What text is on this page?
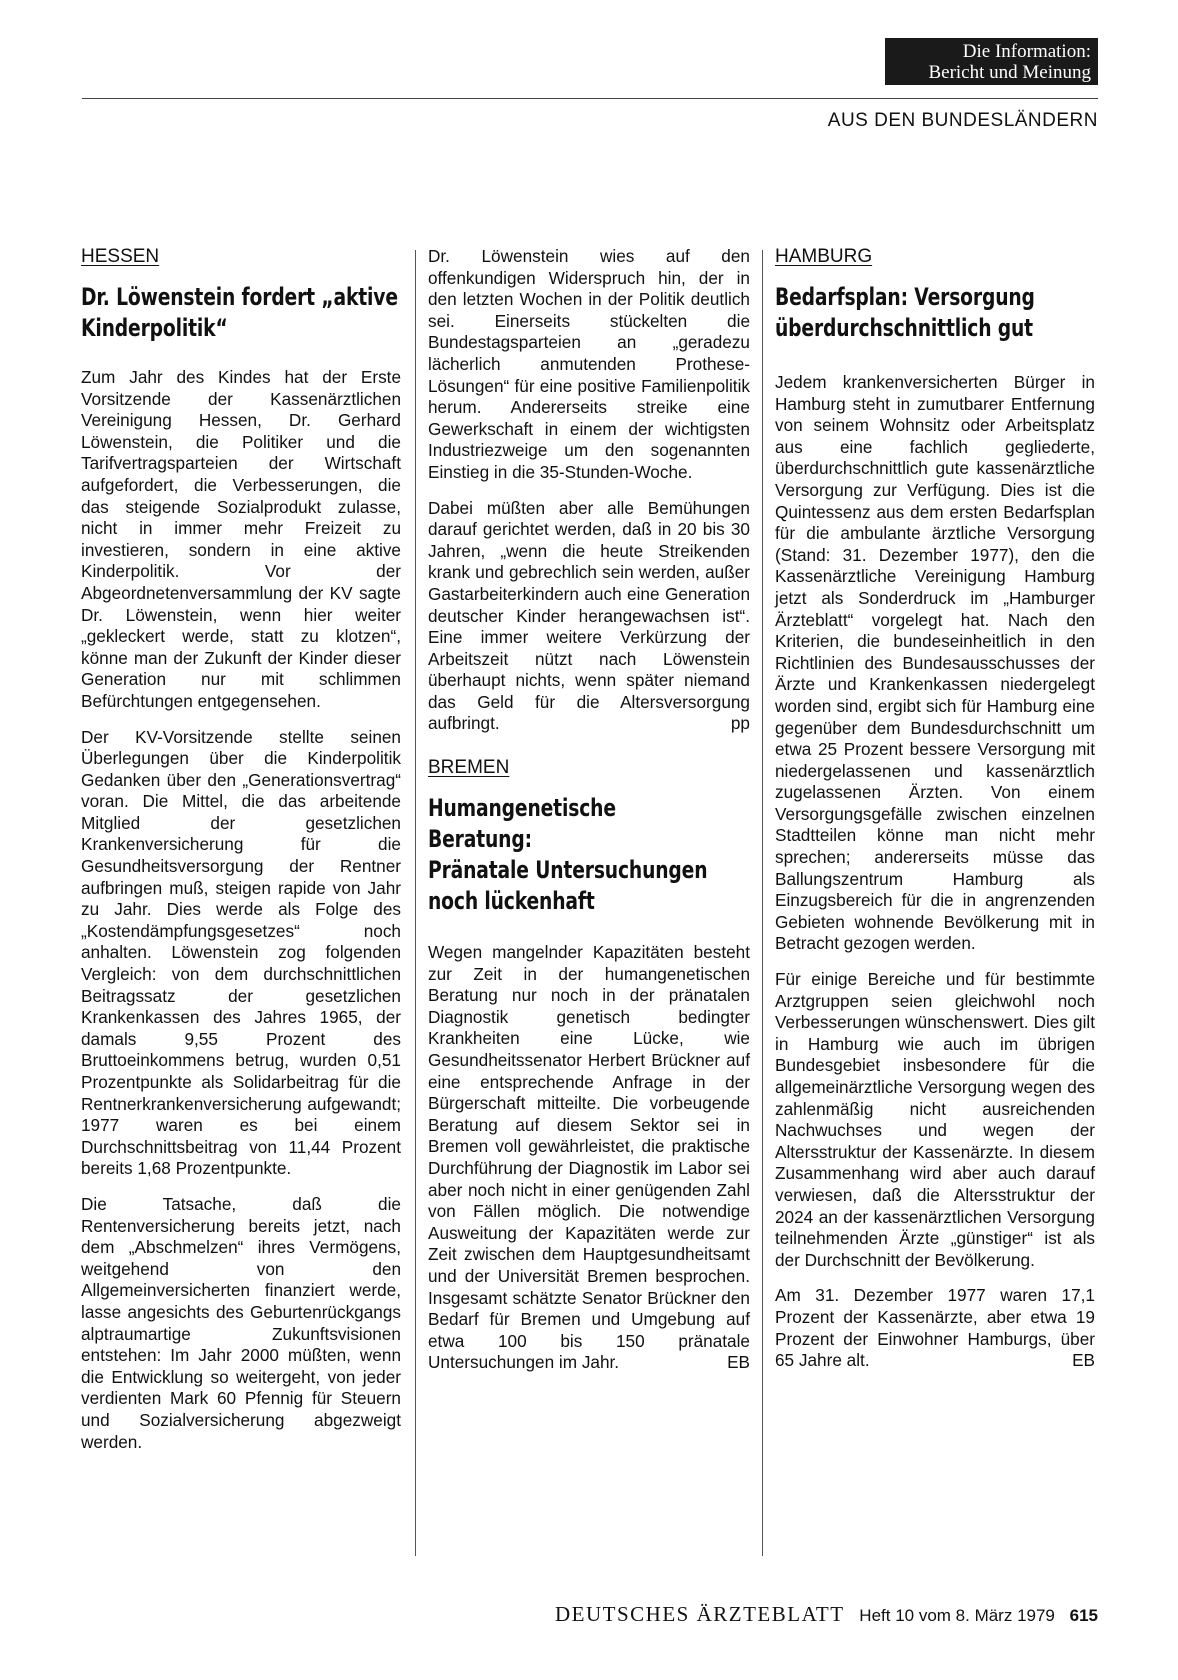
Die Information:
Bericht und Meinung
AUS DEN BUNDESLÄNDERN
HESSEN
Dr. Löwenstein fordert „aktive Kinderpolitik“

Zum Jahr des Kindes hat der Erste Vorsitzende der Kassenärztlichen Vereinigung Hessen, Dr. Gerhard Löwenstein, die Politiker und die Tarifvertragsparteien der Wirtschaft aufgefordert, die Verbesserungen, die das steigende Sozialprodukt zulasse, nicht in immer mehr Freizeit zu investieren, sondern in eine aktive Kinderpolitik. Vor der Abgeordnetenversammlung der KV sagte Dr. Löwenstein, wenn hier weiter „gekleckert werde, statt zu klotzen“, könne man der Zukunft der Kinder dieser Generation nur mit schlimmen Befürchtungen entgegensehen.

Der KV-Vorsitzende stellte seinen Überlegungen über die Kinderpolitik Gedanken über den „Generationsvertrag“ voran. Die Mittel, die das arbeitende Mitglied der gesetzlichen Krankenversicherung für die Gesundheitsversorgung der Rentner aufbringen muß, steigen rapide von Jahr zu Jahr. Dies werde als Folge des „Kostendämpfungsgesetzes“ noch anhalten. Löwenstein zog folgenden Vergleich: von dem durchschnittlichen Beitragssatz der gesetzlichen Krankenkassen des Jahres 1965, der damals 9,55 Prozent des Bruttoeinkommens betrug, wurden 0,51 Prozentpunkte als Solidarbeitrag für die Rentnerkrankenversicherung aufgewandt; 1977 waren es bei einem Durchschnittsbeitrag von 11,44 Prozent bereits 1,68 Prozentpunkte.

Die Tatsache, daß die Rentenversicherung bereits jetzt, nach dem „Abschmelzen“ ihres Vermögens, weitgehend von den Allgemeinversicherten finanziert werde, lasse angesichts des Geburtenrückgangs alptraumartige Zukunftsvisionen entstehen: Im Jahr 2000 müßten, wenn die Entwicklung so weitergeht, von jeder verdienten Mark 60 Pfennig für Steuern und Sozialversicherung abgezweigt werden.

Dr. Löwenstein wies auf den offenkundigen Widerspruch hin, der in den letzten Wochen in der Politik deutlich sei. Einerseits stückelten die Bundestagsparteien an „geradezu lächerlich anmutenden Prothese-Lösungen“ für eine positive Familienpolitik herum. Andererseits streike eine Gewerkschaft in einem der wichtigsten Industriezweige um den sogenannten Einstieg in die 35-Stunden-Woche.

Dabei müßten aber alle Bemühungen darauf gerichtet werden, daß in 20 bis 30 Jahren, „wenn die heute Streikenden krank und gebrechlich sein werden, außer Gastarbeiterkindern auch eine Generation deutscher Kinder herangewachsen ist“. Eine immer weitere Verkürzung der Arbeitszeit nützt nach Löwenstein überhaupt nichts, wenn später niemand das Geld für die Altersversorgung aufbringt.	pp

BREMEN
Humangenetische
Beratung:
Pränatale Untersuchungen
noch lückenhaft

Wegen mangelnder Kapazitäten besteht zur Zeit in der humangenetischen Beratung nur noch in der pränatalen Diagnostik genetisch bedingter Krankheiten eine Lücke, wie Gesundheitssenator Herbert Brückner auf eine entsprechende Anfrage in der Bürgerschaft mitteilte. Die vorbeugende Beratung auf diesem Sektor sei in Bremen voll gewährleistet, die praktische Durchführung der Diagnostik im Labor sei aber noch nicht in einer genügenden Zahl von Fällen möglich. Die notwendige Ausweitung der Kapazitäten werde zur Zeit zwischen dem Hauptgesundheitsamt und der Universität Bremen besprochen. Insgesamt schätzte Senator Brückner den Bedarf für Bremen und Umgebung auf etwa 100 bis 150 pränatale Untersuchungen im Jahr.	EB

HAMBURG
Bedarfsplan: Versorgung
überdurchschnittlich gut

Jedem krankenversicherten Bürger in Hamburg steht in zumutbarer Entfernung von seinem Wohnsitz oder Arbeitsplatz aus eine fachlich gegliederte, überdurchschnittlich gute kassenärztliche Versorgung zur Verfügung. Dies ist die Quintessenz aus dem ersten Bedarfsplan für die ambulante ärztliche Versorgung (Stand: 31. Dezember 1977), den die Kassenärztliche Vereinigung Hamburg jetzt als Sonderdruck im „Hamburger Ärzteblatt“ vorgelegt hat. Nach den Kriterien, die bundeseinheitlich in den Richtlinien des Bundesausschusses der Ärzte und Krankenkassen niedergelegt worden sind, ergibt sich für Hamburg eine gegenüber dem Bundesdurchschnitt um etwa 25 Prozent bessere Versorgung mit niedergelassenen und kassenärztlich zugelassenen Ärzten. Von einem Versorgungsgefälle zwischen einzelnen Stadtteilen könne man nicht mehr sprechen; andererseits müsse das Ballungszentrum Hamburg als Einzugsbereich für die in angrenzenden Gebieten wohnende Bevölkerung mit in Betracht gezogen werden.

Für einige Bereiche und für bestimmte Arztgruppen seien gleichwohl noch Verbesserungen wünschenswert. Dies gilt in Hamburg wie auch im übrigen Bundesgebiet insbesondere für die allgemeinärztliche Versorgung wegen des zahlenmäßig nicht ausreichenden Nachwuchses und wegen der Altersstruktur der Kassenärzte. In diesem Zusammenhang wird aber auch darauf verwiesen, daß die Altersstruktur der 2024 an der kassenärztlichen Versorgung teilnehmenden Ärzte „günstiger“ ist als der Durchschnitt der Bevölkerung.

Am 31. Dezember 1977 waren 17,1 Prozent der Kassenärzte, aber etwa 19 Prozent der Einwohner Hamburgs, über 65 Jahre alt.	EB

DEUTSCHES ÄRZTEBLATT Heft 10 vom 8. März 1979 615
